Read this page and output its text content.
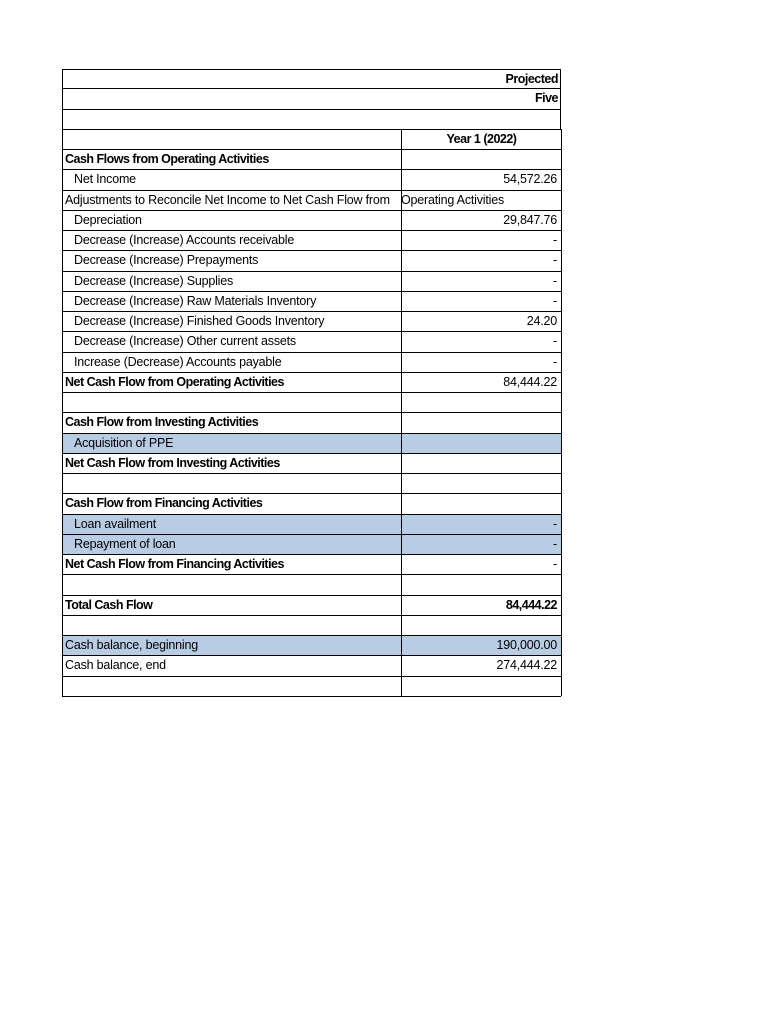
Projected
Five
Year 1 (2022)
Cash Flows from Operating Activities
Net Income	54,572.26
Adjustments to Reconcile Net Income to Net Cash Flow from Operating Activities
Depreciation	29,847.76
Decrease (Increase) Accounts receivable	-
Decrease (Increase) Prepayments	-
Decrease (Increase) Supplies	-
Decrease (Increase) Raw Materials Inventory	-
Decrease (Increase) Finished Goods Inventory	24.20
Decrease (Increase) Other current assets	-
Increase (Decrease) Accounts payable	-
Net Cash Flow from Operating Activities	84,444.22
Cash Flow from Investing Activities
Acquisition of PPE
Net Cash Flow from Investing Activities
Cash Flow from Financing Activities
Loan availment	-
Repayment of loan	-
Net Cash Flow from Financing Activities	-
Total Cash Flow	84,444.22
Cash balance, beginning	190,000.00
Cash balance, end	274,444.22
